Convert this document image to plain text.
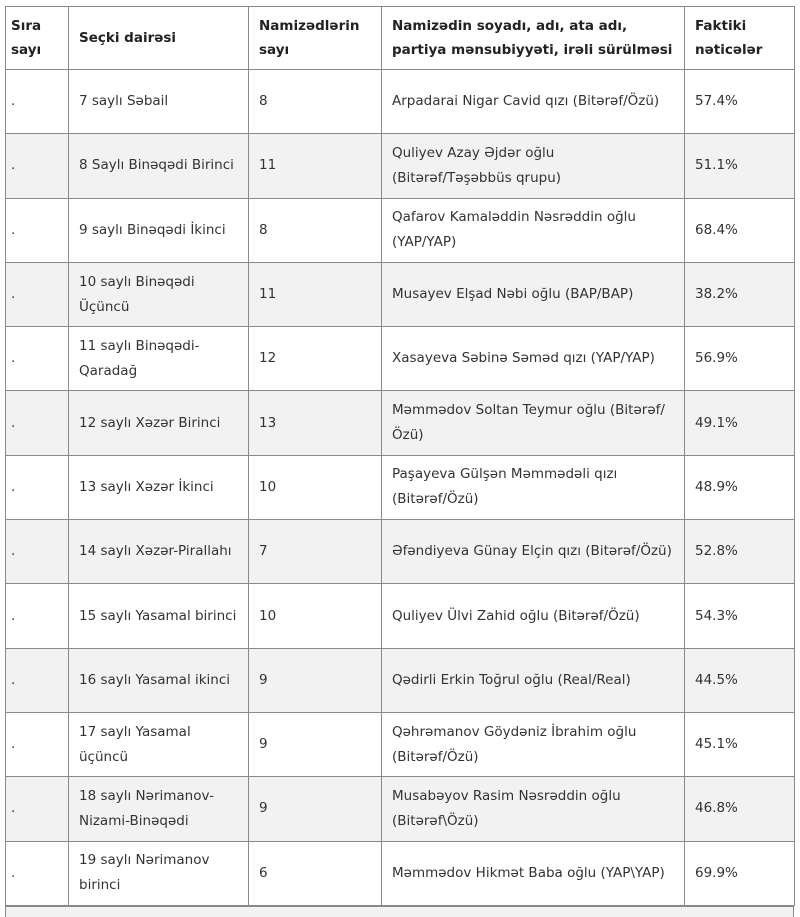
Sıra sayı	Seçki dairəsi	Namizədlərin sayı	Namizədin soyadı, adı, ata adı, partiya mənsubiyyəti, irəli sürülməsi	Faktiki nəticələr
.	7 saylı Səbail	8	Arpadarai Nigar Cavid qızı (Bitərəf/Özü)	57.4%
.	8 Saylı Binəqədi Birinci	11	Quliyev Azay Əjdər oğlu (Bitərəf/Təşəbbüs qrupu)	51.1%
.	9 saylı Binəqədi İkinci	8	Qafarov Kamaləddin Nəsrəddin oğlu (YAP/YAP)	68.4%
.	10 saylı Binəqədi Üçüncü	11	Musayev Elşad Nəbi oğlu (BAP/BAP)	38.2%
.	11 saylı Binəqədi-Qaradağ	12	Xasayeva Səbinə Səməd qızı (YAP/YAP)	56.9%
.	12 saylı Xəzər Birinci	13	Məmmədov Soltan Teymur oğlu (Bitərəf/Özü)	49.1%
.	13 saylı Xəzər İkinci	10	Paşayeva Gülşən Məmmədəli qızı (Bitərəf/Özü)	48.9%
.	14 saylı Xəzər-Pirallahı	7	Əfəndiyeva Günay Elçin qızı (Bitərəf/Özü)	52.8%
.	15 saylı Yasamal birinci	10	Quliyev Ülvi Zahid oğlu (Bitərəf/Özü)	54.3%
.	16 saylı Yasamal ikinci	9	Qədirli Erkin Toğrul oğlu (Real/Real)	44.5%
.	17 saylı Yasamal üçüncü	9	Qəhrəmanov Göydəniz İbrahim oğlu (Bitərəf/Özü)	45.1%
.	18 saylı Nərimanov-Nizami-Binəqədi	9	Musabəyov Rasim Nəsrəddin oğlu (Bitərəf\Özü)	46.8%
.	19 saylı Nərimanov birinci	6	Məmmədov Hikmət Baba oğlu (YAP\YAP)	69.9%
